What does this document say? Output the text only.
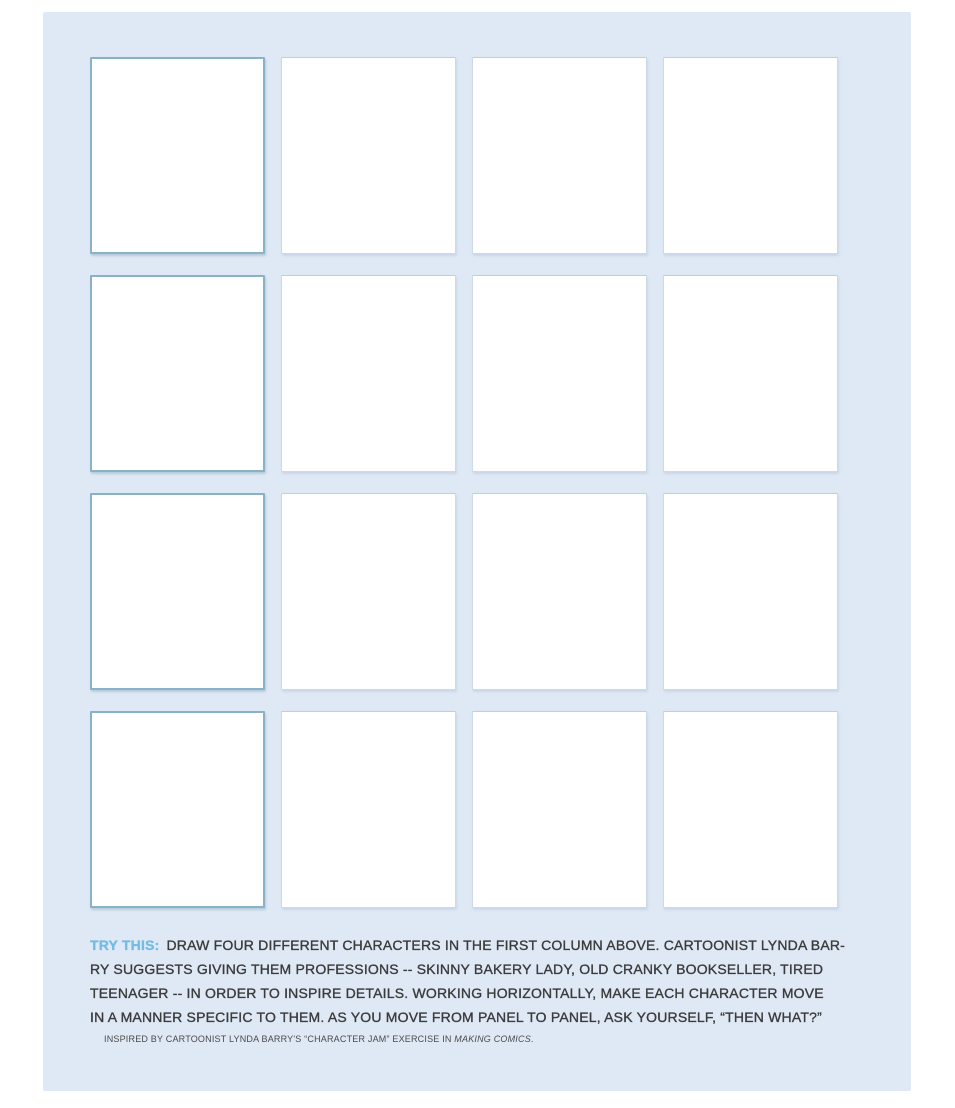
TRY THIS: DRAW FOUR DIFFERENT CHARACTERS IN THE FIRST COLUMN ABOVE. CARTOONIST LYNDA BAR-
RY SUGGESTS GIVING THEM PROFESSIONS -- SKINNY BAKERY LADY, OLD CRANKY BOOKSELLER, TIRED
TEENAGER -- IN ORDER TO INSPIRE DETAILS. WORKING HORIZONTALLY, MAKE EACH CHARACTER MOVE
IN A MANNER SPECIFIC TO THEM. AS YOU MOVE FROM PANEL TO PANEL, ASK YOURSELF, “THEN WHAT?”
INSPIRED BY CARTOONIST LYNDA BARRY'S “CHARACTER JAM” EXERCISE IN MAKING COMICS.
